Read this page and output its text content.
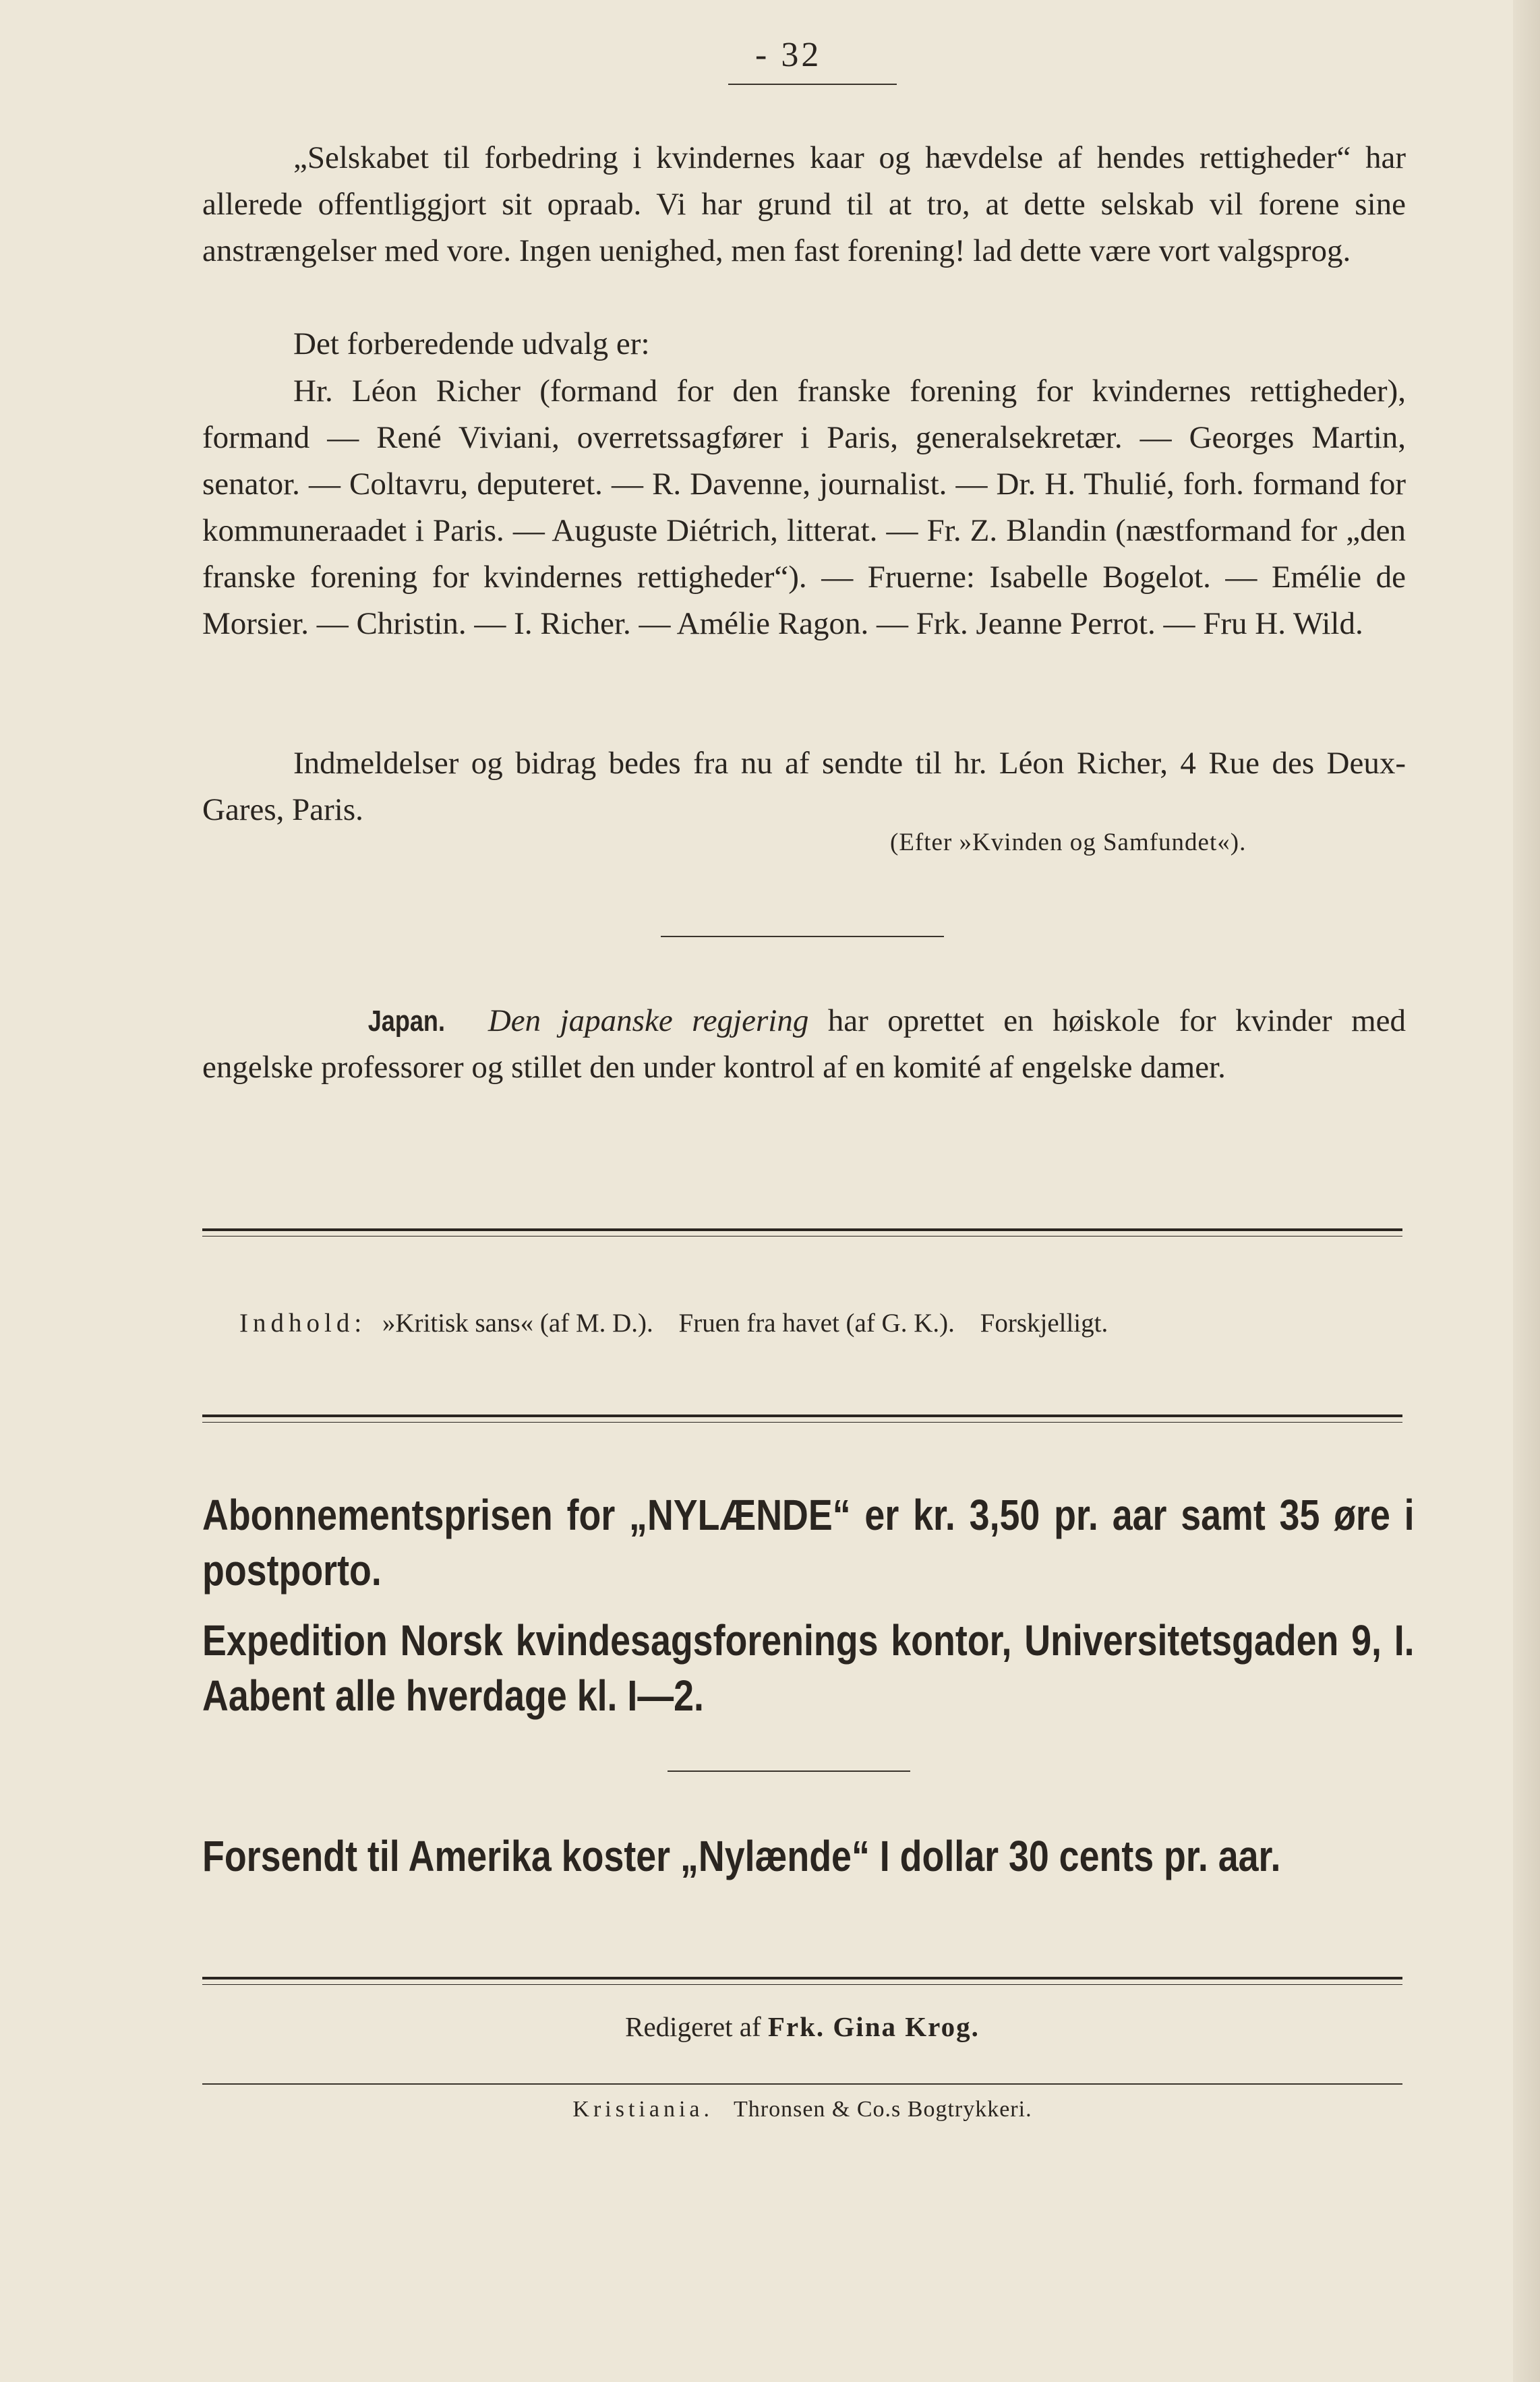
- 32

„Selskabet til forbedring i kvindernes kaar og hævdelse af hendes rettigheder“ har allerede offentliggjort sit opraab. Vi har grund til at tro, at dette selskab vil forene sine anstrængelser med vore. Ingen uenighed, men fast forening! lad dette være vort valgsprog.

Det forberedende udvalg er:

Hr. Léon Richer (formand for den franske forening for kvindernes rettigheder), formand — René Viviani, overretssagfører i Paris, generalsekretær. — Georges Martin, senator. — Coltavru, deputeret. — R. Davenne, journalist. — Dr. H. Thulié, forh. formand for kommuneraadet i Paris. — Auguste Diétrich, litterat. — Fr. Z. Blandin (næstformand for „den franske forening for kvindernes rettigheder“). — Fruerne: Isabelle Bogelot. — Emélie de Morsier. — Christin. — I. Richer. — Amélie Ragon. — Frk. Jeanne Perrot. — Fru H. Wild.

Indmeldelser og bidrag bedes fra nu af sendte til hr. Léon Richer, 4 Rue des Deux-Gares, Paris.

(Efter »Kvinden og Samfundet«).

Japan. Den japanske regjering har oprettet en høiskole for kvinder med engelske professorer og stillet den under kontrol af en komité af engelske damer.

Indhold: »Kritisk sans« (af M. D.). Fruen fra havet (af G. K.). Forskjelligt.

Abonnementsprisen for „NYLÆNDE“ er kr. 3,50 pr. aar samt 35 øre i postporto.

Expedition Norsk kvindesagsforenings kontor, Universitetsgaden 9, I. Aabent alle hverdage kl. I—2.

Forsendt til Amerika koster „Nylænde“ I dollar 30 cents pr. aar.

Redigeret af Frk. Gina Krog.

Kristiania. Thronsen & Co.s Bogtrykkeri.
